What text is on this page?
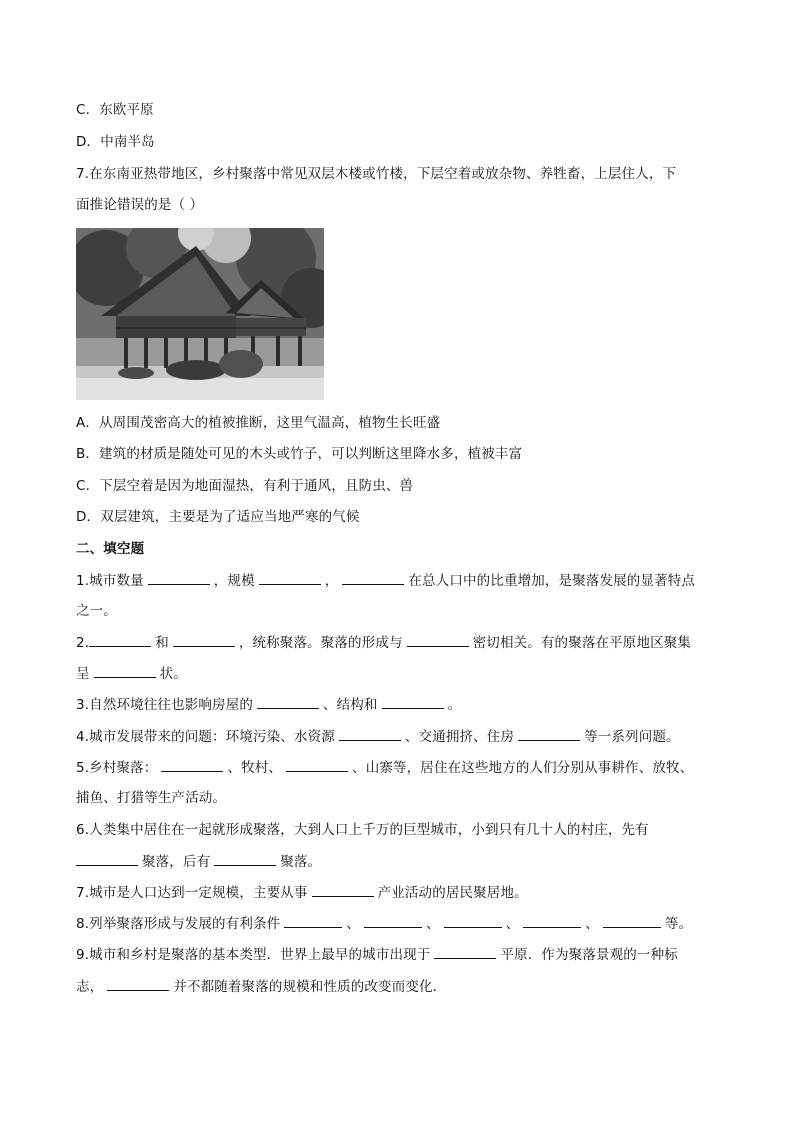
C．东欧平原
D．中南半岛
7.在东南亚热带地区，乡村聚落中常见双层木楼或竹楼，下层空着或放杂物、养牲畜，上层住人，下
面推论错误的是（ ）
A．从周围茂密高大的植被推断，这里气温高，植物生长旺盛
B．建筑的材质是随处可见的木头或竹子，可以判断这里降水多，植被丰富
C．下层空着是因为地面湿热，有利于通风，且防虫、兽
D．双层建筑，主要是为了适应当地严寒的气候
二、填空题
1.城市数量	，规模	，	在总人口中的比重增加，是聚落发展的显著特点
之一。
2.	和	，统称聚落。聚落的形成与	密切相关。有的聚落在平原地区聚集
呈	状。
3.自然环境往往也影响房屋的	、结构和	。
4.城市发展带来的问题：环境污染、水资源	、交通拥挤、住房	等一系列问题。
5.乡村聚落：	、牧村、	、山寨等，居住在这些地方的人们分别从事耕作、放牧、
捕鱼、打猎等生产活动。
6.人类集中居住在一起就形成聚落，大到人口上千万的巨型城市，小到只有几十人的村庄，先有
聚落，后有	聚落。
7.城市是人口达到一定规模，主要从事	产业活动的居民聚居地。
8.列举聚落形成与发展的有利条件	、	、	、	、	等。
9.城市和乡村是聚落的基本类型．世界上最早的城市出现于	平原．作为聚落景观的一种标
志，	并不都随着聚落的规模和性质的改变而变化．
